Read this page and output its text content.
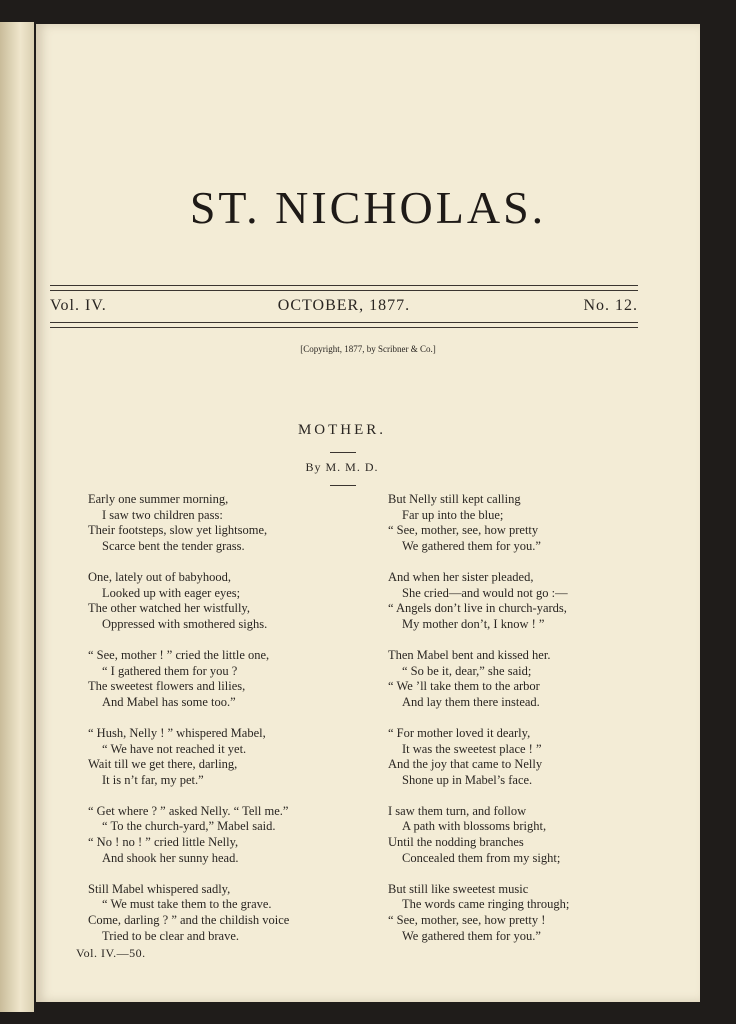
ST. NICHOLAS.
Vol. IV.	OCTOBER, 1877.	No. 12.
[Copyright, 1877, by Scribner & Co.]
MOTHER.
By M. M. D.
Early one summer morning,
I saw two children pass:
Their footsteps, slow yet lightsome,
Scarce bent the tender grass.
One, lately out of babyhood,
Looked up with eager eyes;
The other watched her wistfully,
Oppressed with smothered sighs.
“ See, mother ! ” cried the little one,
“ I gathered them for you ?
The sweetest flowers and lilies,
And Mabel has some too.”
“ Hush, Nelly ! ” whispered Mabel,
“ We have not reached it yet.
Wait till we get there, darling,
It is n’t far, my pet.”
“ Get where ? ” asked Nelly. “ Tell me.”
“ To the church-yard,” Mabel said.
“ No ! no ! ” cried little Nelly,
And shook her sunny head.
Still Mabel whispered sadly,
“ We must take them to the grave.
Come, darling ? ” and the childish voice
Tried to be clear and brave.
But Nelly still kept calling
Far up into the blue;
“ See, mother, see, how pretty
We gathered them for you.”
And when her sister pleaded,
She cried—and would not go :—
“ Angels don’t live in church-yards,
My mother don’t, I know ! ”
Then Mabel bent and kissed her.
“ So be it, dear,” she said;
“ We ’ll take them to the arbor
And lay them there instead.
“ For mother loved it dearly,
It was the sweetest place ! ”
And the joy that came to Nelly
Shone up in Mabel’s face.
I saw them turn, and follow
A path with blossoms bright,
Until the nodding branches
Concealed them from my sight;
But still like sweetest music
The words came ringing through;
“ See, mother, see, how pretty !
We gathered them for you.”
Vol. IV.—50.
